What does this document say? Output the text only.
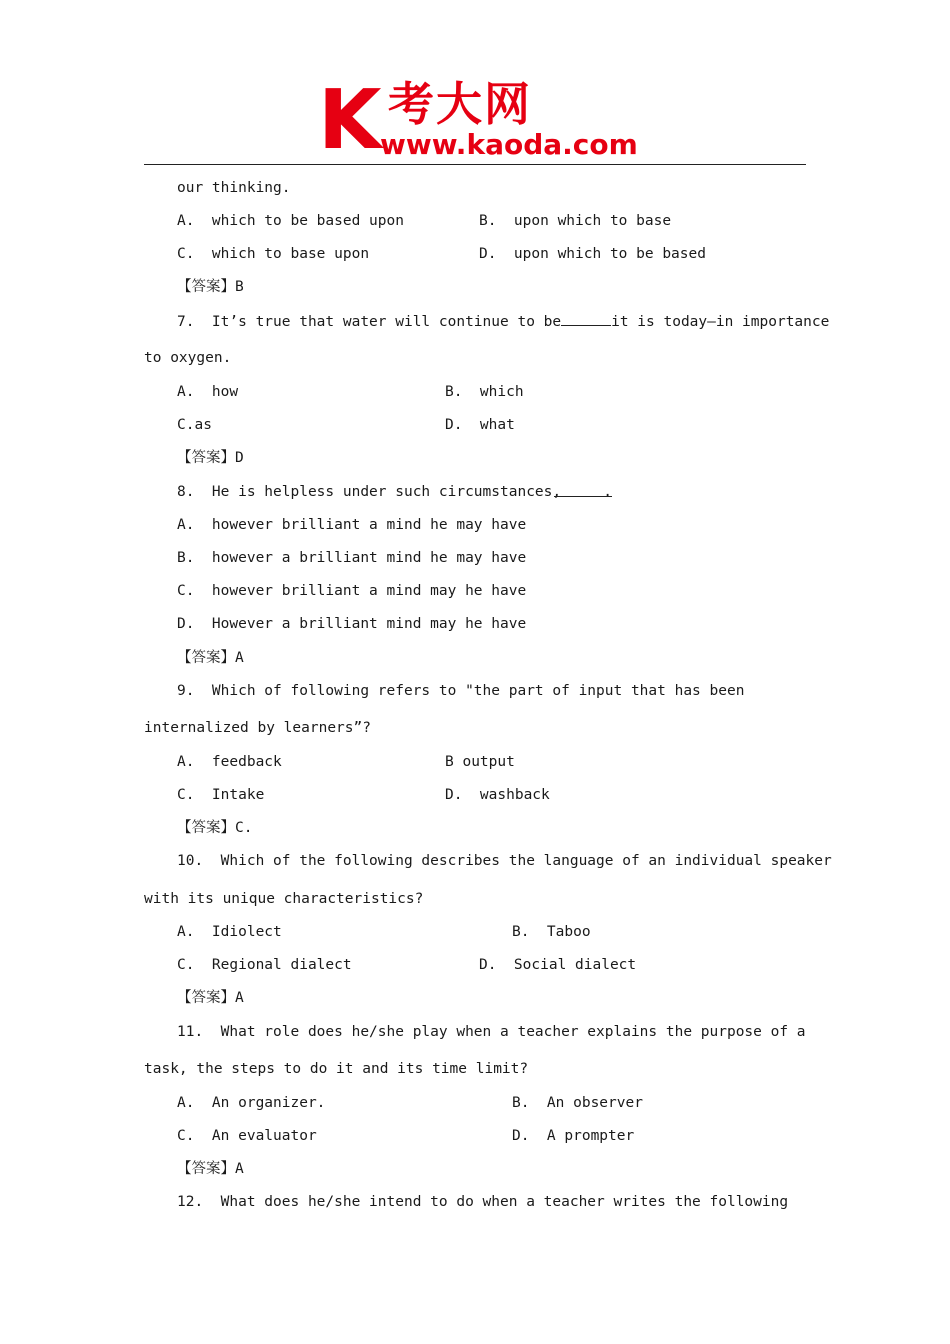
K 考大网
www.kaoda.com
our thinking.
A.  which to be based upon	B.  upon which to base
C.  which to base upon	D.  upon which to be based
【答案】B
7.  It’s true that water will continue to be	it is today—in importance
to oxygen.
A.  how	B.  which
C.as	D.  what
【答案】D
8.  He is helpless under such circumstances,	.
A.  however brilliant a mind he may have
B.  however a brilliant mind he may have
C.  however brilliant a mind may he have
D.  However a brilliant mind may he have
【答案】A
9.  Which of following refers to "the part of input that has been
internalized by learners”?
A.  feedback	B output
C.  Intake	D.  washback
【答案】C.
10.  Which of the following describes the language of an individual speaker
with its unique characteristics?
A.  Idiolect	B.  Taboo
C.  Regional dialect	D.  Social dialect
【答案】A
11.  What role does he/she play when a teacher explains the purpose of a
task, the steps to do it and its time limit?
A.  An organizer.	B.  An observer
C.  An evaluator	D.  A prompter
【答案】A
12.  What does he/she intend to do when a teacher writes the following
